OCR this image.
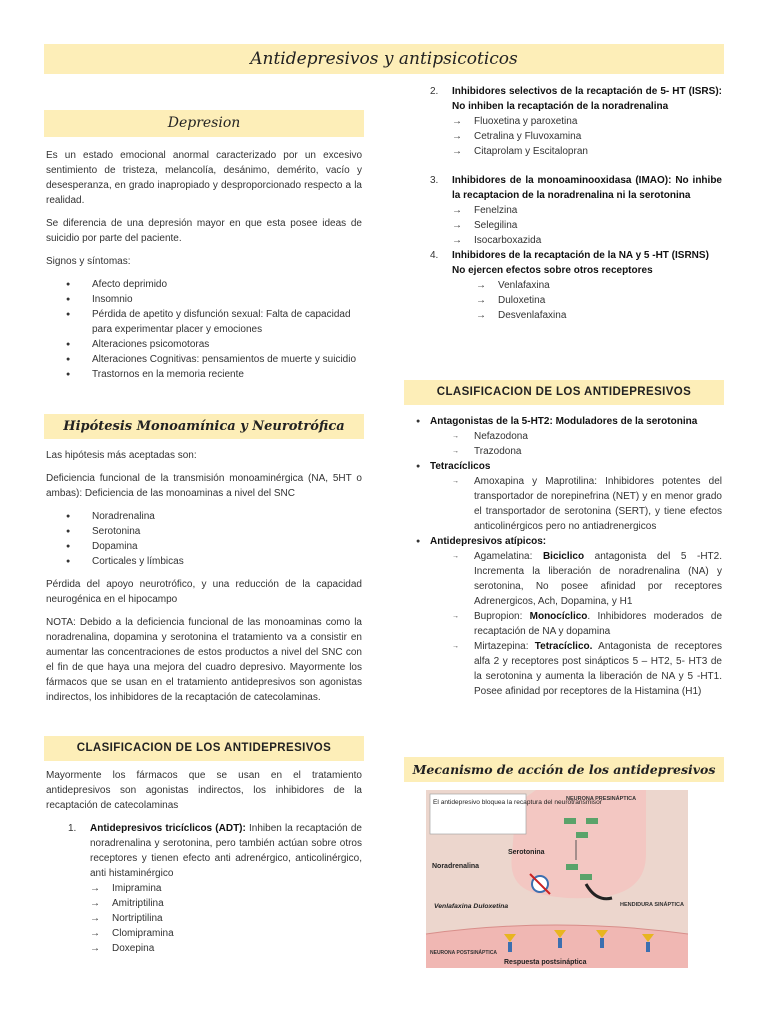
Antidepresivos y antipsicoticos
Depresion

Es un estado emocional anormal caracterizado por un excesivo sentimiento de tristeza, melancolía, desánimo, demérito, vacío y desesperanza, en grado inapropiado y desproporcionado respecto a la realidad.

Se diferencia de una depresión mayor en que esta posee ideas de suicidio por parte del paciente.

Signos y síntomas:

● Afecto deprimido
● Insomnio
● Pérdida de apetito y disfunción sexual: Falta de capacidad para experimentar placer y emociones
● Alteraciones psicomotoras
● Alteraciones Cognitivas: pensamientos de muerte y suicidio
● Trastornos en la memoria reciente
Hipótesis Monoamínica y Neurotrófica

Las hipótesis más aceptadas son:

Deficiencia funcional de la transmisión monoaminérgica (NA, 5HT o ambas): Deficiencia de las monoaminas a nivel del SNC

● Noradrenalina
● Serotonina
● Dopamina
● Corticales y límbicas

Pérdida del apoyo neurotrófico, y una reducción de la capacidad neurogénica en el hipocampo

NOTA: Debido a la deficiencia funcional de las monoaminas como la noradrenalina, dopamina y serotonina el tratamiento va a consistir en aumentar las concentraciones de estos productos a nivel del SNC con el fin de que haya una mejora del cuadro depresivo. Mayormente los fármacos que se usan en el tratamiento antidepresivos son agonistas indirectos, los inhibidores de la recaptación de catecolaminas.

CLASIFICACION DE LOS ANTIDEPRESIVOS

Mayormente los fármacos que se usan en el tratamiento antidepresivos son agonistas indirectos, los inhibidores de la recaptación de catecolaminas

1. Antidepresivos tricíclicos (ADT): Inhiben la recaptación de noradrenalina y serotonina, pero también actúan sobre otros receptores y tienen efecto anti adrenérgico, anticolinérgico, anti histaminérgico

→ Imipramina
→ Amitriptilina
→ Nortriptilina
→ Clomipramina
→ Doxepina
2. Inhibidores selectivos de la recaptación de 5- HT (ISRS): No inhiben la recaptación de la noradrenalina

→ Fluoxetina y paroxetina
→ Cetralina y Fluvoxamina
→ Citaprolam y Escitalopran
3. Inhibidores de la monoaminooxidasa (IMAO): No inhibe la recaptacion de la noradrenalina ni la serotonina

→ Fenelzina
→ Selegilina
→ Isocarboxazida
4. Inhibidores de la recaptación de la NA y 5 -HT (ISRNS)

No ejercen efectos sobre otros receptores

→ Venlafaxina
→ Duloxetina
→ Desvenlafaxina
CLASIFICACION DE LOS ANTIDEPRESIVOS

● Antagonistas de la 5-HT2: Moduladores de la serotonina

→ Nefazodona
→ Trazodona

● Tetracíclicos

→ Amoxapina y Maprotilina: Inhibidores potentes del transportador de norepinefrina (NET) y en menor grado el transportador de serotonina (SERT), y tiene efectos anticolinérgicos pero no antiadrenergicos

● Antidepresivos atípicos:

→ Agamelatina: Biciclico antagonista del 5 -HT2. Incrementa la liberación de noradrenalina (NA) y serotonina, No posee afinidad por receptores Adrenergicos, Ach, Dopamina, y H1

→ Bupropion: Monocíclico. Inhibidores moderados de recaptación de NA y dopamina

→ Mirtazepina: Tetracíclico. Antagonista de receptores alfa 2 y receptores post sinápticos 5 – HT2, 5- HT3 de la serotonina y aumenta la liberación de NA y 5 -HT1. Posee afinidad por receptores de la Histamina (H1)

Mecanismo de acción de los antidepresivos
El antidepresivo bloquea la recaptura del neurotransmisor
NEURONA PRESINÁPTICA
Serotonina
Noradrenalina
Venlafaxina Duloxetina	HENDIDURA SINÁPTICA
NEURONA POSTSINÁPTICA
Respuesta postsináptica
